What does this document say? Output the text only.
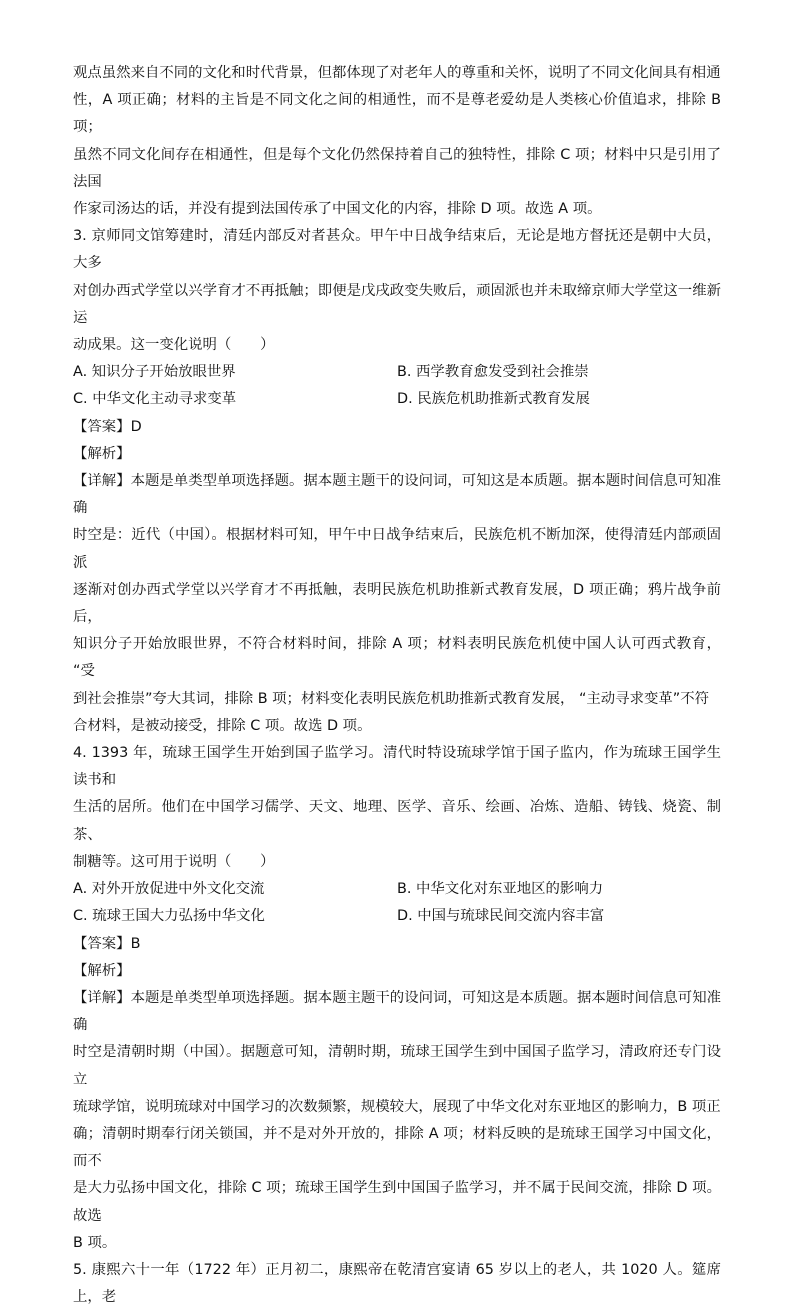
观点虽然来自不同的文化和时代背景，但都体现了对老年人的尊重和关怀，说明了不同文化间具有相通

性，A 项正确；材料的主旨是不同文化之间的相通性，而不是尊老爱幼是人类核心价值追求，排除 B 项；

虽然不同文化间存在相通性，但是每个文化仍然保持着自己的独特性，排除 C 项；材料中只是引用了法国

作家司汤达的话，并没有提到法国传承了中国文化的内容，排除 D 项。故选 A 项。

3. 京师同文馆筹建时，清廷内部反对者甚众。甲午中日战争结束后，无论是地方督抚还是朝中大员，大多

对创办西式学堂以兴学育才不再抵触；即便是戊戌政变失败后，顽固派也并未取缔京师大学堂这一维新运

动成果。这一变化说明（　　）

A. 知识分子开始放眼世界	B. 西学教育愈发受到社会推崇

C. 中华文化主动寻求变革	D. 民族危机助推新式教育发展

【答案】D

【解析】

【详解】本题是单类型单项选择题。据本题主题干的设问词，可知这是本质题。据本题时间信息可知准确

时空是：近代（中国）。根据材料可知，甲午中日战争结束后，民族危机不断加深，使得清廷内部顽固派

逐渐对创办西式学堂以兴学育才不再抵触，表明民族危机助推新式教育发展，D 项正确；鸦片战争前后，

知识分子开始放眼世界，不符合材料时间，排除 A 项；材料表明民族危机使中国人认可西式教育， “受

到社会推崇”夸大其词，排除 B 项；材料变化表明民族危机助推新式教育发展， “主动寻求变革”不符

合材料，是被动接受，排除 C 项。故选 D 项。

4. 1393 年，琉球王国学生开始到国子监学习。清代时特设琉球学馆于国子监内，作为琉球王国学生读书和

生活的居所。他们在中国学习儒学、天文、地理、医学、音乐、绘画、冶炼、造船、铸钱、烧瓷、制茶、

制糖等。这可用于说明（　　）

A. 对外开放促进中外文化交流	B. 中华文化对东亚地区的影响力

C. 琉球王国大力弘扬中华文化	D. 中国与琉球民间交流内容丰富

【答案】B

【解析】

【详解】本题是单类型单项选择题。据本题主题干的设问词，可知这是本质题。据本题时间信息可知准确

时空是清朝时期（中国）。据题意可知，清朝时期，琉球王国学生到中国国子监学习，清政府还专门设立

琉球学馆，说明琉球对中国学习的次数频繁，规模较大，展现了中华文化对东亚地区的影响力，B 项正

确；清朝时期奉行闭关锁国，并不是对外开放的，排除 A 项；材料反映的是琉球王国学习中国文化，而不

是大力弘扬中国文化，排除 C 项；琉球王国学生到中国国子监学习，并不属于民间交流，排除 D 项。故选

B 项。

5. 康熙六十一年（1722 年）正月初二，康熙帝在乾清宫宴请 65 岁以上的老人，共 1020 人。筵席上，老
